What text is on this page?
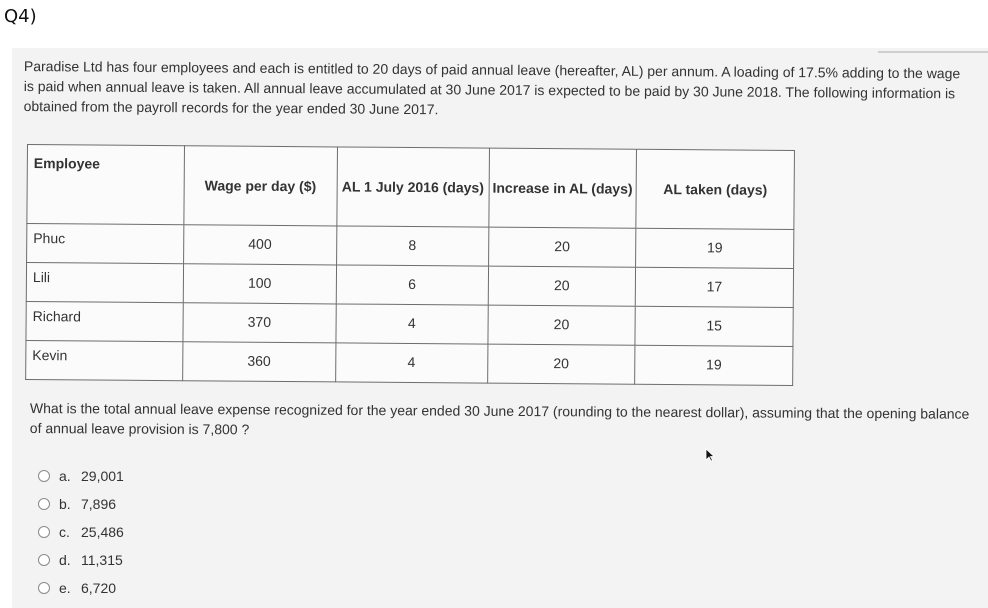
Q4)
Paradise Ltd has four employees and each is entitled to 20 days of paid annual leave (hereafter, AL) per annum. A loading of 17.5% adding to the wage is paid when annual leave is taken. All annual leave accumulated at 30 June 2017 is expected to be paid by 30 June 2018. The following information is obtained from the payroll records for the year ended 30 June 2017.
Employee	Wage per day ($)	AL 1 July 2016 (days)	Increase in AL (days)	AL taken (days)
Phuc	400	8	20	19
Lili	100	6	20	17
Richard	370	4	20	15
Kevin	360	4	20	19
What is the total annual leave expense recognized for the year ended 30 June 2017 (rounding to the nearest dollar), assuming that the opening balance of annual leave provision is 7,800 ?
a. 29,001
b. 7,896
c. 25,486
d. 11,315
e. 6,720
